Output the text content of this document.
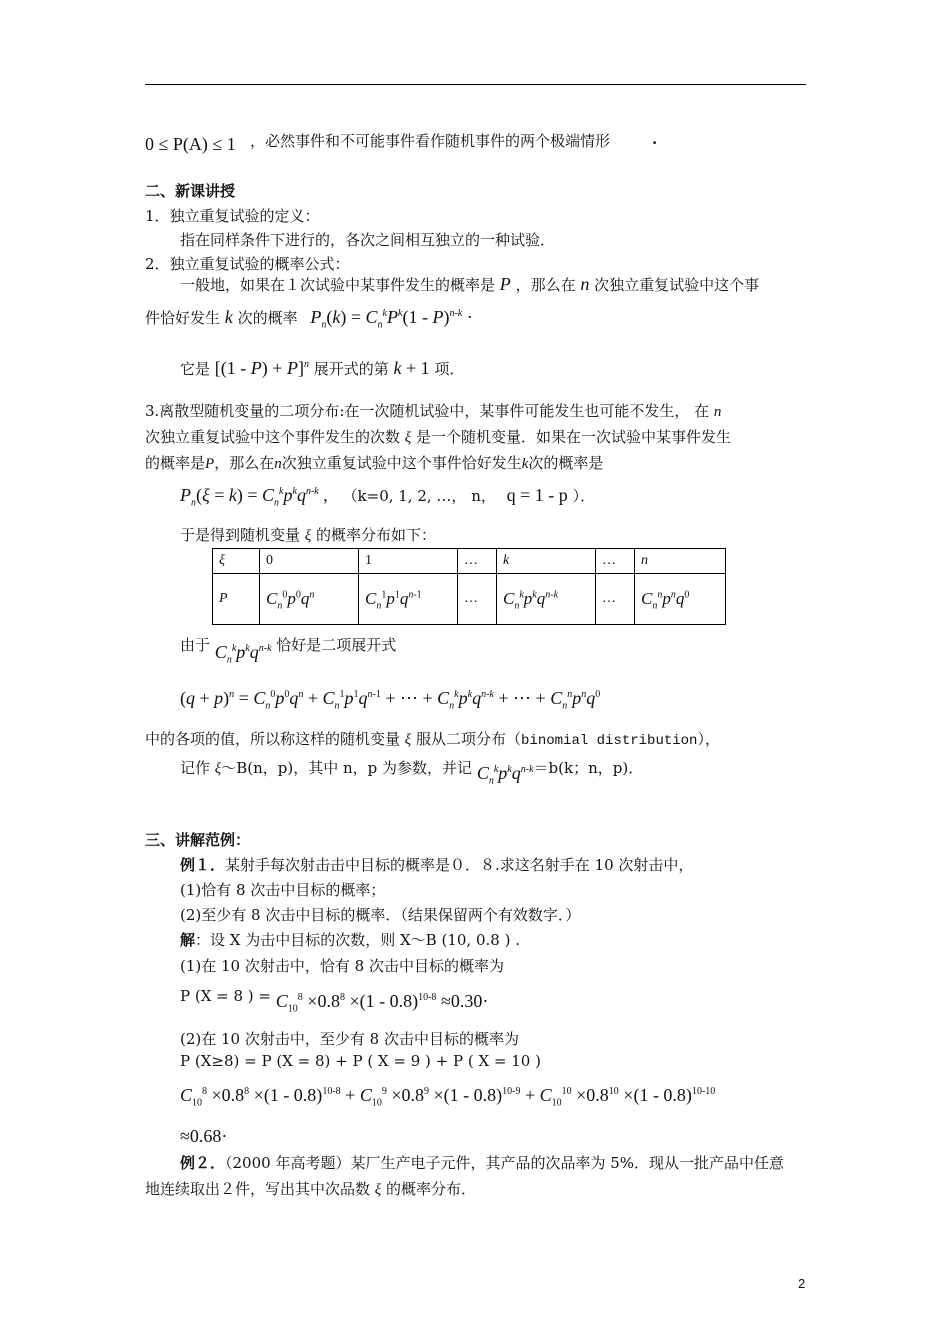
0 ≤ P(A) ≤ 1 ，必然事件和不可能事件看作随机事件的两个极端情形	.
二、新课讲授
1．独立重复试验的定义：
指在同样条件下进行的，各次之间相互独立的一种试验．
2．独立重复试验的概率公式：
一般地，如果在１次试验中某事件发生的概率是 P ，那么在 n 次独立重复试验中这个事
件恰好发生 k 次的概率 $P_n(k) = C_n^kP^k(1 - P)^{n-k}$ ·
它是 $[(1 - P) + P]^n$ 展开式的第 k + 1 项．
3.离散型随机变量的二项分布:在一次随机试验中，某事件可能发生也可能不发生， 在 n
次独立重复试验中这个事件发生的次数 ξ 是一个随机变量．如果在一次试验中某事件发生
的概率是P，那么在n次独立重复试验中这个事件恰好发生k次的概率是
$P_n(\xi = k) = C_n^kp^kq^{n-k}$ , （k=0, 1, 2, …， n， q = 1 - p ）．
于是得到随机变量 ξ 的概率分布如下：
ξ	0	1	…	k	…	n
P	$C_n^0p^0q^n$	$C_n^1p^1q^{n-1}$	…	$C_n^kp^kq^{n-k}$	…	$C_n^np^nq^0$
由于 $C_n^kp^kq^{n-k}$ 恰好是二项展开式
$(q + p)^n = C_n^0p^0q^n + C_n^1p^1q^{n-1}$ + ⋯ + $C_n^kp^kq^{n-k}$ + ⋯ + $C_n^np^nq^0$
中的各项的值，所以称这样的随机变量 ξ 服从二项分布（binomial distribution），
记作 ξ～B(n，p)，其中 n，p 为参数，并记 $C_n^kp^kq^{n-k}=b(k$；n，p)．
三、讲解范例：
例１．某射手每次射击击中目标的概率是０．８.求这名射手在 10 次射击中，
(1)恰有 8 次击中目标的概率；
(2)至少有 8 次击中目标的概率．（结果保留两个有效数字．）
解：设 X 为击中目标的次数，则 X～B (10, 0.8 ) .
(1)在 10 次射击中，恰有 8 次击中目标的概率为
P (X = 8 ) = $C_{10}^8 \times 0.8^8 \times(1 - 0.8)^{10-8} \approx 0.30\cdot$
(2)在 10 次射击中，至少有 8 次击中目标的概率为
P (X≥8) = P (X = 8) + P ( X = 9 ) + P ( X = 10 )
$C_{10}^8 \times 0.8^8 \times(1 - 0.8)^{10-8} + C_{10}^9 \times 0.8^9 \times(1 - 0.8)^{10-9} + C_{10}^{10} \times 0.8^{10} \times(1 - 0.8)^{10-10}$
≈0.68·
例２．（2000 年高考题）某厂生产电子元件，其产品的次品率为 5%．现从一批产品中任意
地连续取出２件，写出其中次品数 ξ 的概率分布．
2
